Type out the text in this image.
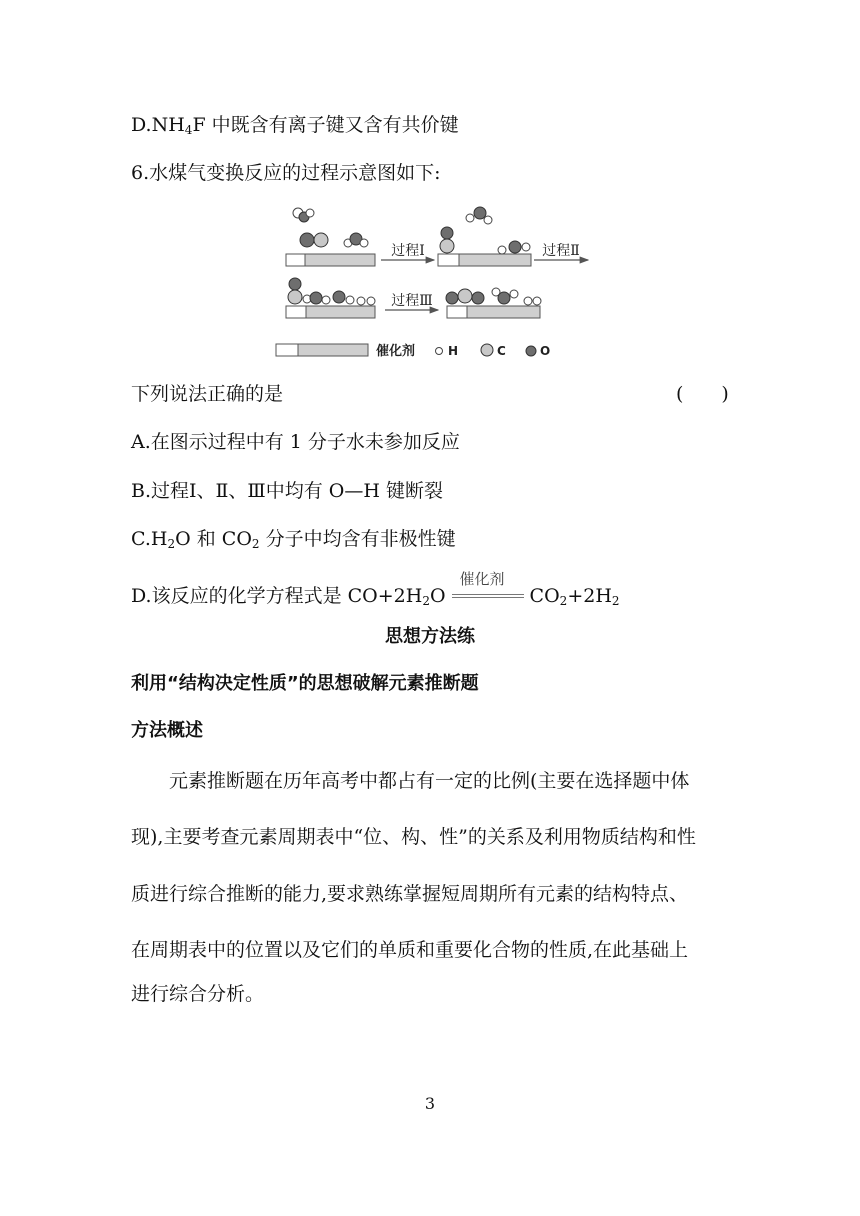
$D.NH_4F$ 中既含有离子键又含有共价键
6.水煤气变换反应的过程示意图如下:
过程Ⅰ	过程Ⅱ
过程Ⅲ
催化剂	H	C	O
下列说法正确的是	(　　)
A.在图示过程中有 1 分子水未参加反应
B.过程Ⅰ、Ⅱ、Ⅲ中均有 O—H 键断裂
$C.H_2O$ 和 $CO_2$ 分子中均含有非极性键
D.该反应的化学方程式是 $CO+2H_2O$
催化剂
$CO_2+2H_2$
思想方法练
利用“结构决定性质”的思想破解元素推断题
方法概述
元素推断题在历年高考中都占有一定的比例(主要在选择题中体
现),主要考查元素周期表中“位、构、性”的关系及利用物质结构和性
质进行综合推断的能力,要求熟练掌握短周期所有元素的结构特点、
在周期表中的位置以及它们的单质和重要化合物的性质,在此基础上
进行综合分析。
3
